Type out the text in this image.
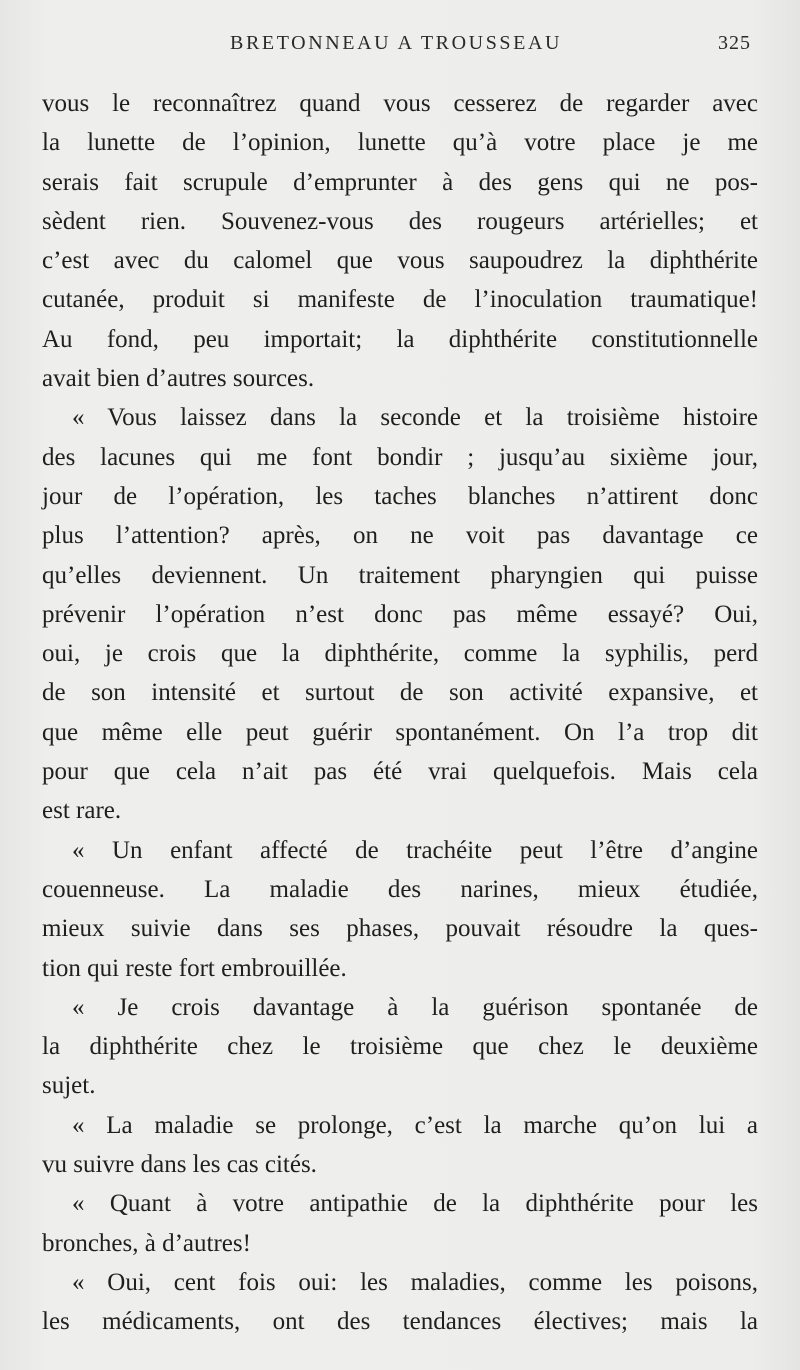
BRETONNEAU A TROUSSEAU	325
vous le reconnaîtrez quand vous cesserez de regarder avec
la lunette de l’opinion, lunette qu’à votre place je me
serais fait scrupule d’emprunter à des gens qui ne pos-
sèdent rien. Souvenez-vous des rougeurs artérielles; et
c’est avec du calomel que vous saupoudrez la diphthérite
cutanée, produit si manifeste de l’inoculation traumatique!
Au fond, peu importait; la diphthérite constitutionnelle
avait bien d’autres sources.
« Vous laissez dans la seconde et la troisième histoire
des lacunes qui me font bondir ; jusqu’au sixième jour,
jour de l’opération, les taches blanches n’attirent donc
plus l’attention? après, on ne voit pas davantage ce
qu’elles deviennent. Un traitement pharyngien qui puisse
prévenir l’opération n’est donc pas même essayé? Oui,
oui, je crois que la diphthérite, comme la syphilis, perd
de son intensité et surtout de son activité expansive, et
que même elle peut guérir spontanément. On l’a trop dit
pour que cela n’ait pas été vrai quelquefois. Mais cela
est rare.
« Un enfant affecté de trachéite peut l’être d’angine
couenneuse. La maladie des narines, mieux étudiée,
mieux suivie dans ses phases, pouvait résoudre la ques-
tion qui reste fort embrouillée.
« Je crois davantage à la guérison spontanée de
la diphthérite chez le troisième que chez le deuxième
sujet.
« La maladie se prolonge, c’est la marche qu’on lui a
vu suivre dans les cas cités.
« Quant à votre antipathie de la diphthérite pour les
bronches, à d’autres!
« Oui, cent fois oui: les maladies, comme les poisons,
les médicaments, ont des tendances électives; mais la
